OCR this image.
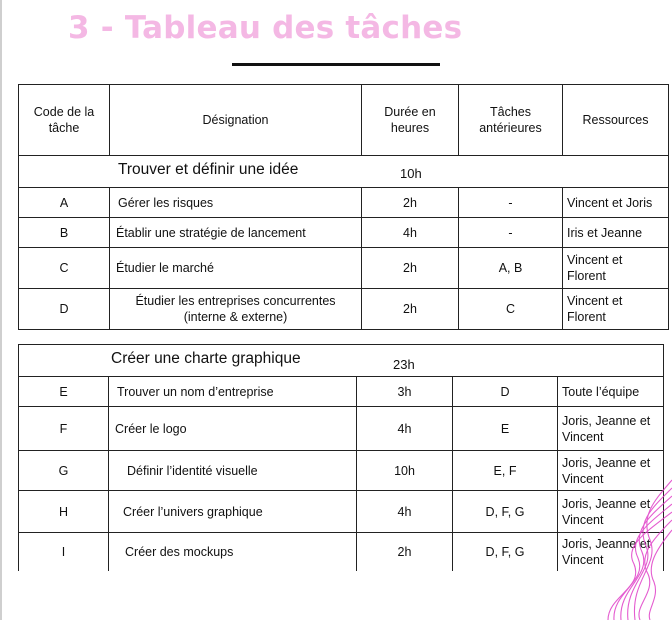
3 - Tableau des tâches
Code de la tâche	Désignation	Durée en heures	Tâches antérieures	Ressources

Trouver et définir une idée 10h				

A	Gérer les risques	2h	-	Vincent et Joris
B	Établir une stratégie de lancement	4h	-	Iris et Jeanne
C	Étudier le marché	2h	A, B	Vincent et Florent
D	Étudier les entreprises concurrentes (interne & externe)	2h	C	Vincent et Florent
Créer une charte graphique 23h				

E	Trouver un nom d’entreprise	3h	D	Toute l’équipe
F	Créer le logo	4h	E	Joris, Jeanne et Vincent
G	Définir l’identité visuelle	10h	E, F	Joris, Jeanne et Vincent
H	Créer l’univers graphique	4h	D, F, G	Joris, Jeanne et Vincent
I	Créer des mockups	2h	D, F, G	Joris, Jeanne et Vincent
